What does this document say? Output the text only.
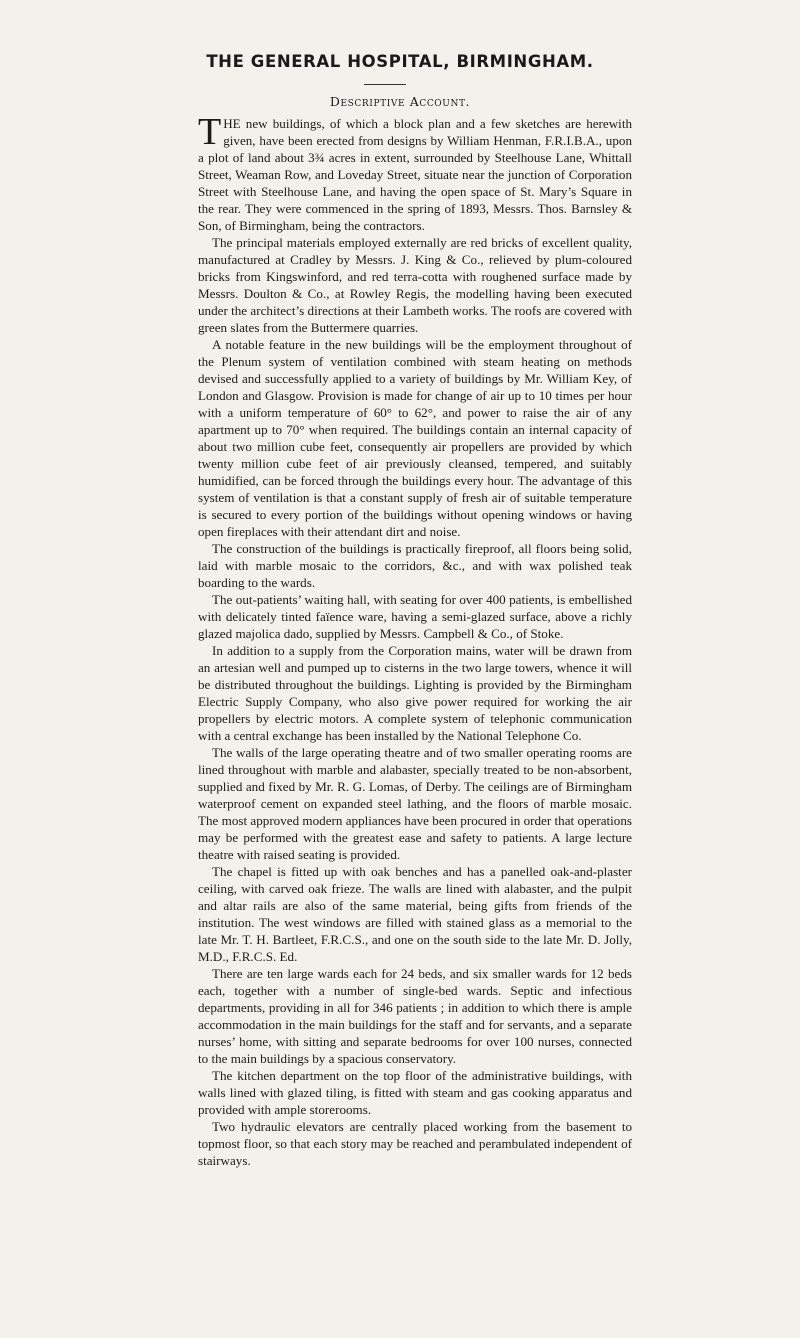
THE GENERAL HOSPITAL, BIRMINGHAM.
Descriptive Account.

THE new buildings, of which a block plan and a few sketches are herewith given, have been erected from designs by William Henman, F.R.I.B.A., upon a plot of land about 3¾ acres in extent, surrounded by Steelhouse Lane, Whittall Street, Weaman Row, and Loveday Street, situate near the junction of Corporation Street with Steelhouse Lane, and having the open space of St. Mary’s Square in the rear. They were commenced in the spring of 1893, Messrs. Thos. Barnsley & Son, of Birmingham, being the contractors.

The principal materials employed externally are red bricks of excellent quality, manufactured at Cradley by Messrs. J. King & Co., relieved by plum-coloured bricks from Kingswinford, and red terra-cotta with roughened surface made by Messrs. Doulton & Co., at Rowley Regis, the modelling having been executed under the architect’s directions at their Lambeth works. The roofs are covered with green slates from the Buttermere quarries.

A notable feature in the new buildings will be the employment throughout of the Plenum system of ventilation combined with steam heating on methods devised and successfully applied to a variety of buildings by Mr. William Key, of London and Glasgow. Provision is made for change of air up to 10 times per hour with a uniform temperature of 60° to 62°, and power to raise the air of any apartment up to 70° when required. The buildings contain an internal capacity of about two million cube feet, consequently air propellers are provided by which twenty million cube feet of air previously cleansed, tempered, and suitably humidified, can be forced through the buildings every hour. The advantage of this system of ventilation is that a constant supply of fresh air of suitable temperature is secured to every portion of the buildings without opening windows or having open fireplaces with their attendant dirt and noise.

The construction of the buildings is practically fireproof, all floors being solid, laid with marble mosaic to the corridors, &c., and with wax polished teak boarding to the wards.

The out-patients’ waiting hall, with seating for over 400 patients, is embellished with delicately tinted faïence ware, having a semi-glazed surface, above a richly glazed majolica dado, supplied by Messrs. Campbell & Co., of Stoke.

In addition to a supply from the Corporation mains, water will be drawn from an artesian well and pumped up to cisterns in the two large towers, whence it will be distributed throughout the buildings. Lighting is provided by the Birmingham Electric Supply Company, who also give power required for working the air propellers by electric motors. A complete system of telephonic communication with a central exchange has been installed by the National Telephone Co.

The walls of the large operating theatre and of two smaller operating rooms are lined throughout with marble and alabaster, specially treated to be non-absorbent, supplied and fixed by Mr. R. G. Lomas, of Derby. The ceilings are of Birmingham waterproof cement on expanded steel lathing, and the floors of marble mosaic. The most approved modern appliances have been procured in order that operations may be performed with the greatest ease and safety to patients. A large lecture theatre with raised seating is provided.

The chapel is fitted up with oak benches and has a panelled oak-and-plaster ceiling, with carved oak frieze. The walls are lined with alabaster, and the pulpit and altar rails are also of the same material, being gifts from friends of the institution. The west windows are filled with stained glass as a memorial to the late Mr. T. H. Bartleet, F.R.C.S., and one on the south side to the late Mr. D. Jolly, M.D., F.R.C.S. Ed.

There are ten large wards each for 24 beds, and six smaller wards for 12 beds each, together with a number of single-bed wards. Septic and infectious departments, providing in all for 346 patients ; in addition to which there is ample accommodation in the main buildings for the staff and for servants, and a separate nurses’ home, with sitting and separate bedrooms for over 100 nurses, connected to the main buildings by a spacious conservatory.

The kitchen department on the top floor of the administrative buildings, with walls lined with glazed tiling, is fitted with steam and gas cooking apparatus and provided with ample storerooms.

Two hydraulic elevators are centrally placed working from the basement to topmost floor, so that each story may be reached and perambulated independent of stairways.
